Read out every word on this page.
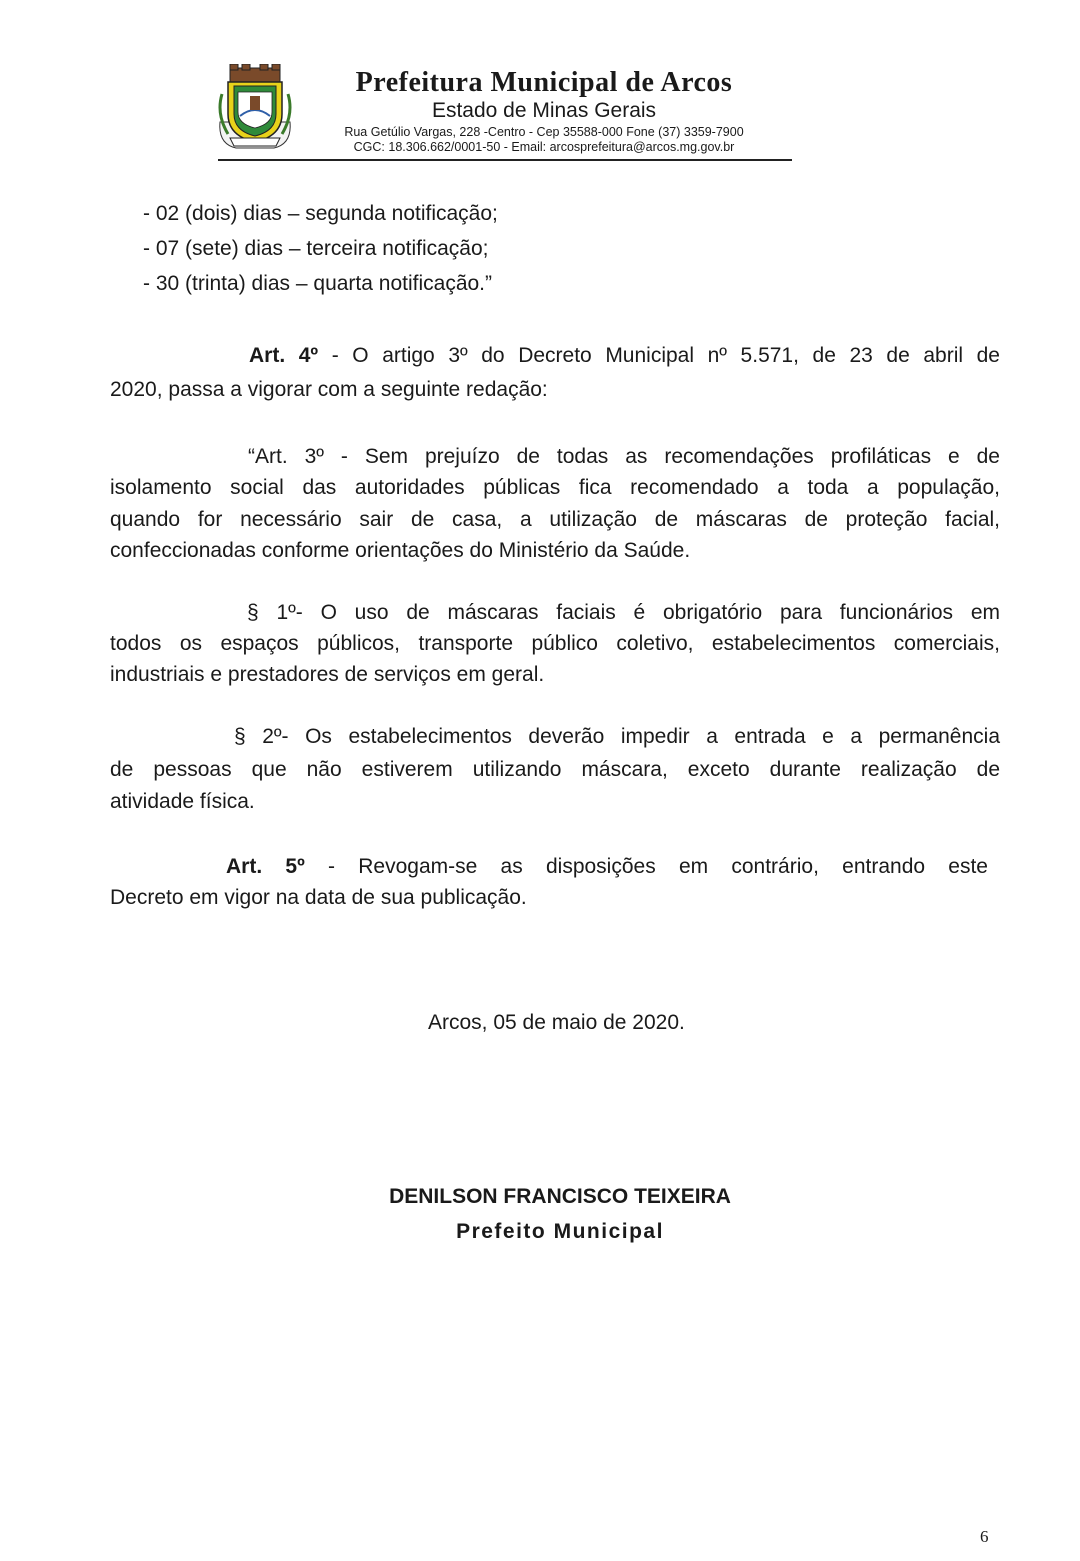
Prefeitura Municipal de Arcos
Estado de Minas Gerais
Rua Getúlio Vargas, 228 -Centro - Cep 35588-000 Fone (37) 3359-7900
CGC: 18.306.662/0001-50 - Email: arcosprefeitura@arcos.mg.gov.br

- 02 (dois) dias – segunda notificação;

- 07 (sete) dias – terceira notificação;

- 30 (trinta) dias – quarta notificação.”

Art. 4º - O artigo 3º do Decreto Municipal nº 5.571, de 23 de abril de

2020, passa a vigorar com a seguinte redação:

“Art. 3º - Sem prejuízo de todas as recomendações profiláticas e de

isolamento social das autoridades públicas fica recomendado a toda a população,

quando for necessário sair de casa, a utilização de máscaras de proteção facial,

confeccionadas conforme orientações do Ministério da Saúde.

§ 1º- O uso de máscaras faciais é obrigatório para funcionários em

todos os espaços públicos, transporte público coletivo, estabelecimentos comerciais,

industriais e prestadores de serviços em geral.

§ 2º- Os estabelecimentos deverão impedir a entrada e a permanência

de pessoas que não estiverem utilizando máscara, exceto durante realização de

atividade física.

Art. 5º - Revogam-se as disposições em contrário, entrando este

Decreto em vigor na data de sua publicação.

Arcos, 05 de maio de 2020.

DENILSON FRANCISCO TEIXEIRA

Prefeito Municipal

6
